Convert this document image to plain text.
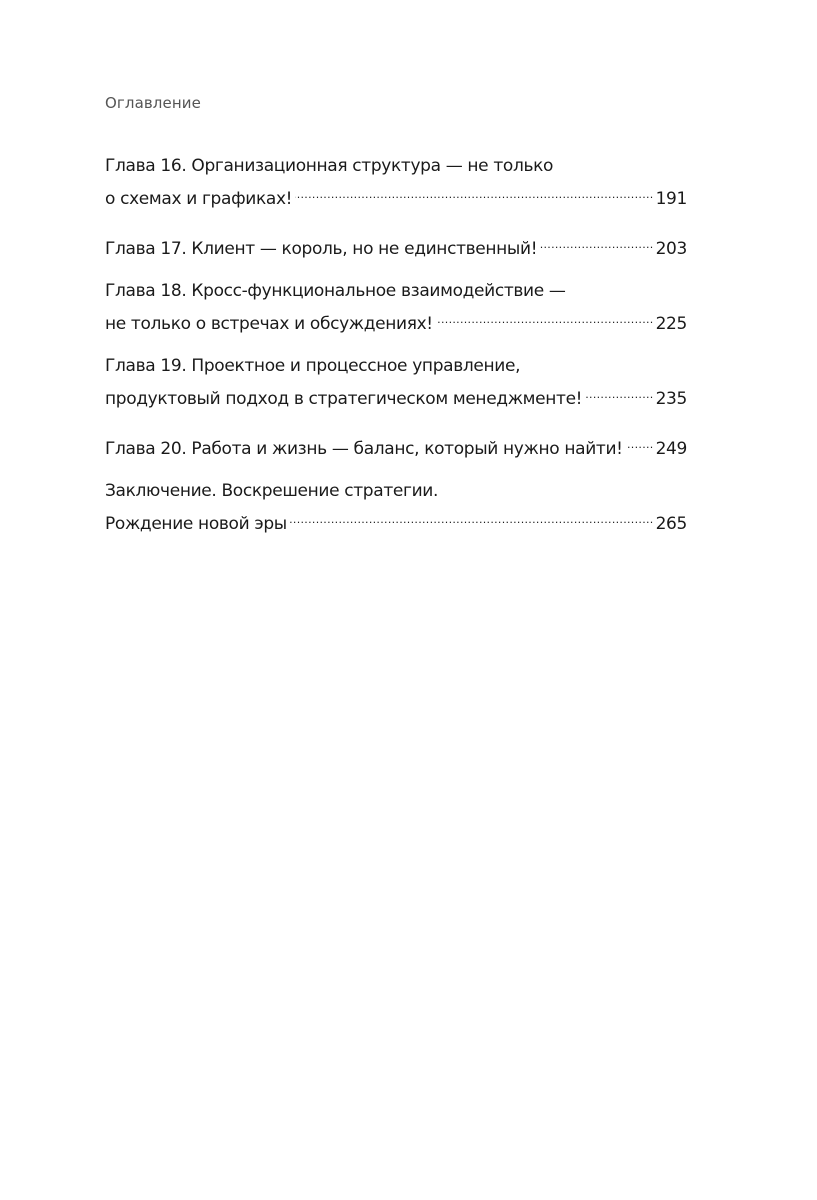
Оглавление
Глава 16. Организационная структура — не только
о схемах и графиках! .....	191
Глава 17. Клиент — король, но не единственный! .....	203
Глава 18. Кросс-функциональное взаимодействие —
не только о встречах и обсуждениях! .....	225
Глава 19. Проектное и процессное управление,
продуктовый подход в стратегическом менеджменте! .....	235
Глава 20. Работа и жизнь — баланс, который нужно найти! ..... 249
Заключение. Воскрешение стратегии.
Рождение новой эры .....	265
